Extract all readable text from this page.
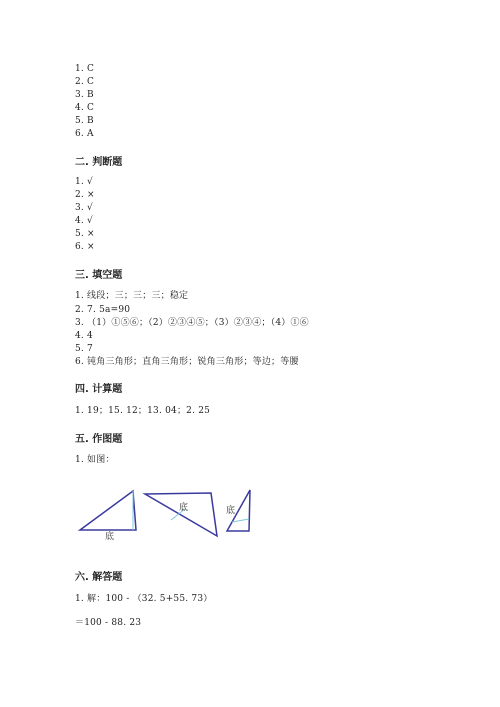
1. C
2. C
3. B
4. C
5. B
6. A
二. 判断题
1. √
2. ×
3. √
4. √
5. ×
6. ×
三. 填空题
1. 线段；三；三；三；稳定
2. 7. 5a=90
3. （1）①⑤⑥；（2）②③④⑤；（3）②③④；（4）①⑥
4. 4
5. 7
6. 钝角三角形；直角三角形；锐角三角形；等边；等腰
四. 计算题
1. 19；15. 12；13. 04；2. 25
五. 作图题
1. 如图：
底
底	底
六. 解答题
1. 解：100 - （32. 5+55. 73）
＝100 - 88. 23
